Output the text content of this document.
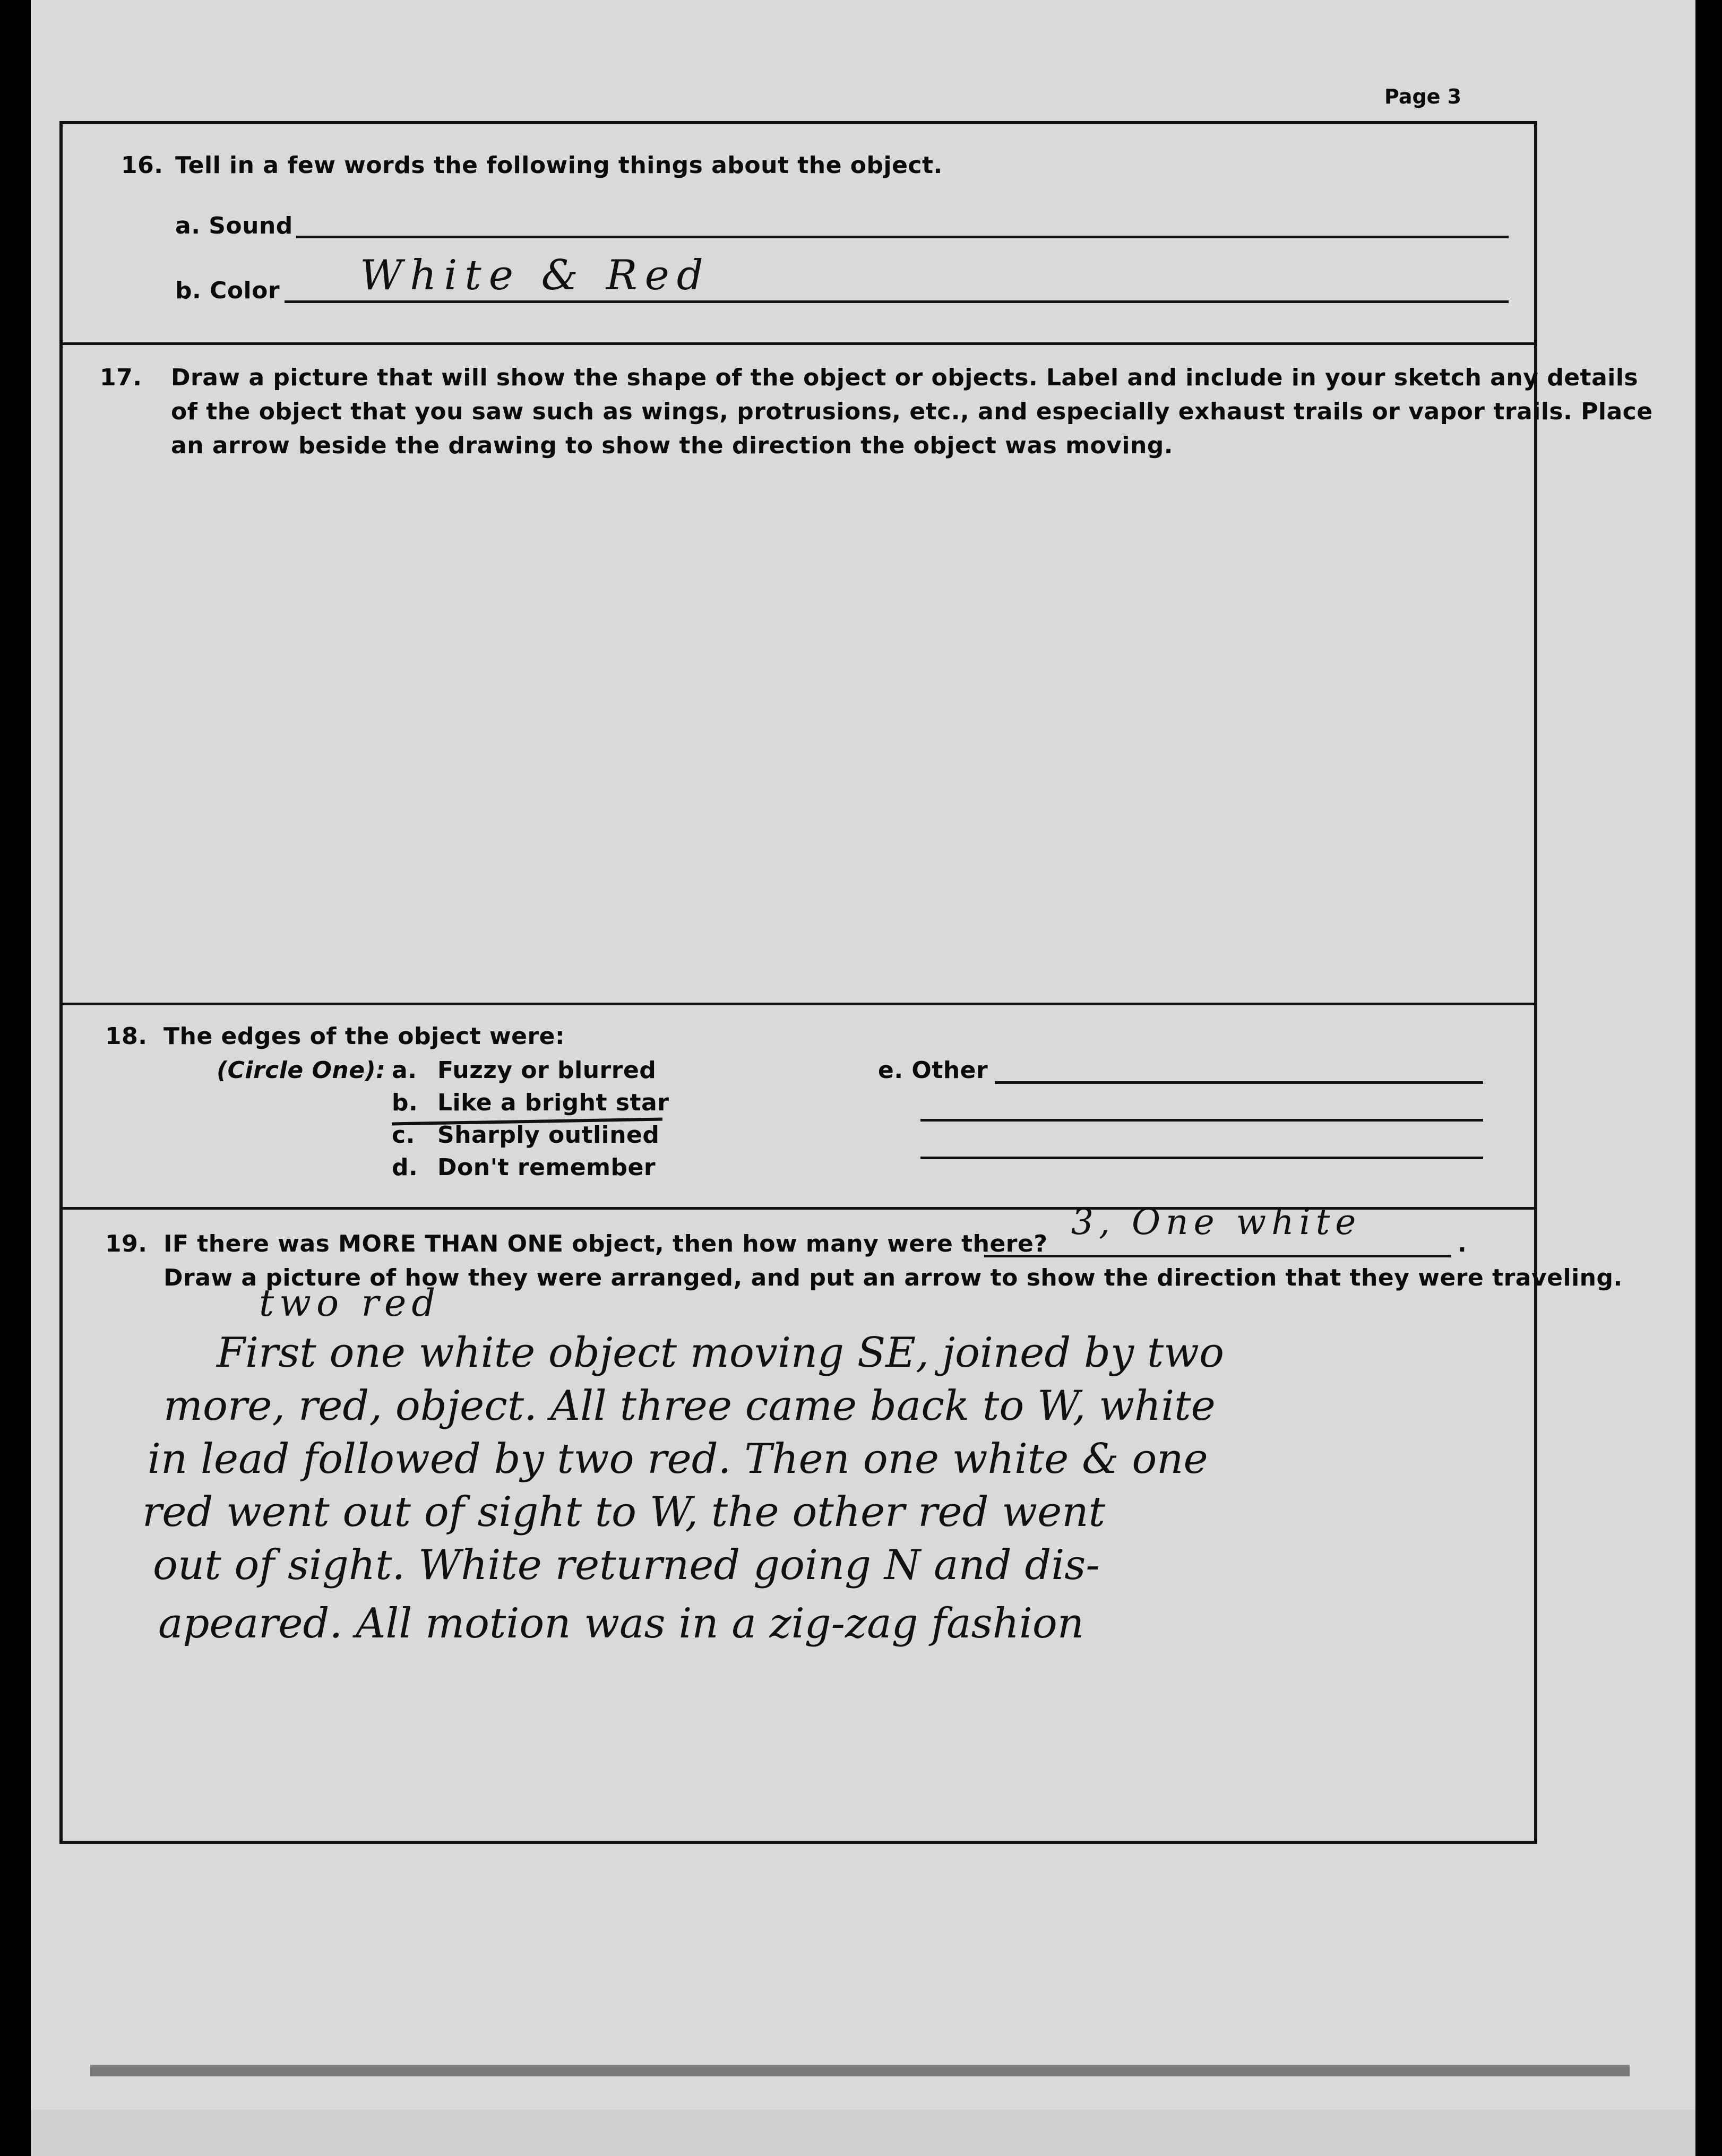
Page 3
16. Tell in a few words the following things about the object.
a. Sound
b. Color White & Red
17. Draw a picture that will show the shape of the object or objects. Label and include in your sketch any details
of the object that you saw such as wings, protrusions, etc., and especially exhaust trails or vapor trails. Place
an arrow beside the drawing to show the direction the object was moving.
18. The edges of the object were:
(Circle One): a. Fuzzy or blurred
b. Like a bright star
c. Sharply outlined
d. Don't remember
e. Other
19. IF there was MORE THAN ONE object, then how many were there?	.
3, One white
Draw a picture of how they were arranged, and put an arrow to show the direction that they were traveling.
two red
First one white object moving SE, joined by two
more, red, object. All three came back to W, white
in lead followed by two red. Then one white & one
red went out of sight to W, the other red went
out of sight. White returned going N and dis-
apeared. All motion was in a zig-zag fashion
